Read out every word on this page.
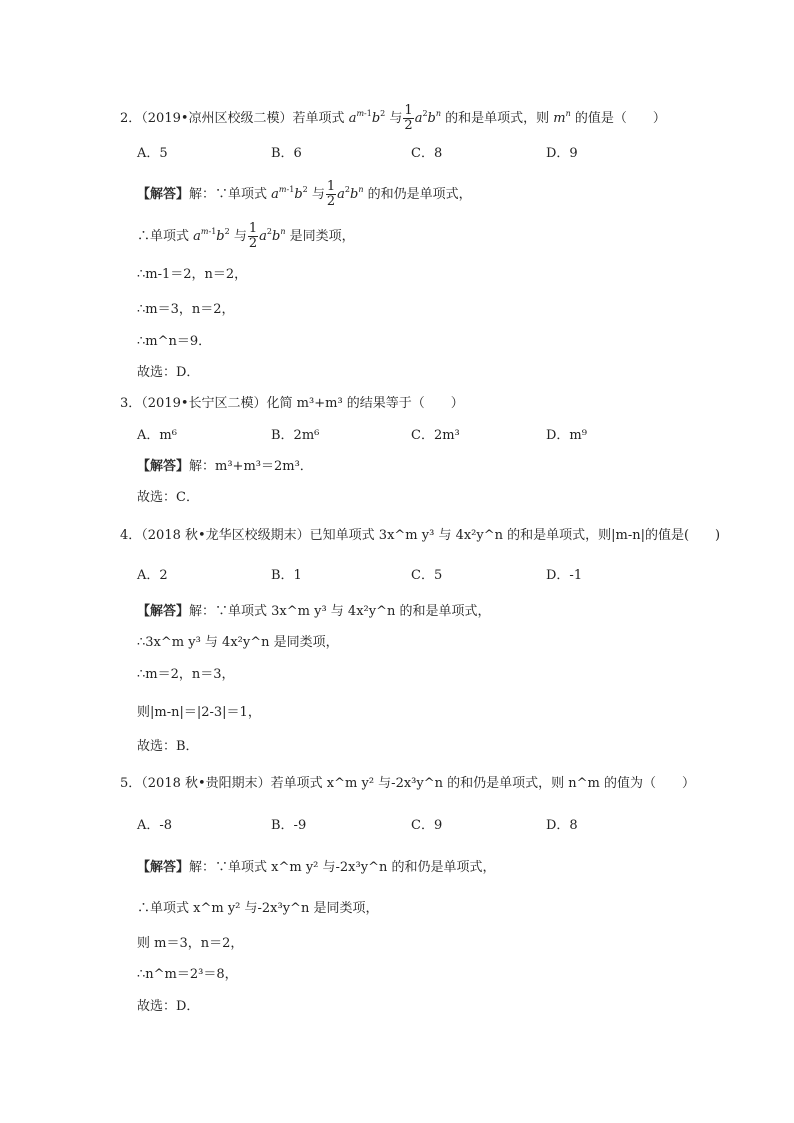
2．（2019•凉州区校级二模）若单项式 $a^{m-1}b^2$ 与 $\frac{1}{2} a^2b^n$ 的和是单项式，则 $m^n$ 的值是（　　）
A．5	B．6	C．8	D．9
【解答】解：∵单项式 $a^{m-1}b^2$ 与 $\frac{1}{2} a^2b^n$ 的和仍是单项式，
∴单项式 $a^{m-1}b^2$ 与 $\frac{1}{2} a^2b^n$ 是同类项，
∴m-1＝2，n＝2，
∴m＝3，n＝2，
∴m^n＝9．
故选：D．
3．（2019•长宁区二模）化简 m³+m³ 的结果等于（　　）
A．m⁶	B．2m⁶	C．2m³	D．m⁹
【解答】解：m³+m³＝2m³．
故选：C．
4．（2018 秋•龙华区校级期末）已知单项式 3x^m y³ 与 4x²y^n 的和是单项式，则|m-n|的值是(　　)
A．2	B．1	C．5	D．-1
【解答】解：∵单项式 3x^m y³ 与 4x²y^n 的和是单项式，
∴3x^m y³ 与 4x²y^n 是同类项，
∴m＝2，n＝3，
则|m-n|＝|2-3|＝1，
故选：B．
5．（2018 秋•贵阳期末）若单项式 x^m y² 与-2x³y^n 的和仍是单项式，则 n^m 的值为（　　）
A．-8	B．-9	C．9	D．8
【解答】解：∵单项式 x^m y² 与-2x³y^n 的和仍是单项式，
∴单项式 x^m y² 与-2x³y^n 是同类项，
则 m＝3，n＝2，
∴n^m＝2³＝8，
故选：D．
